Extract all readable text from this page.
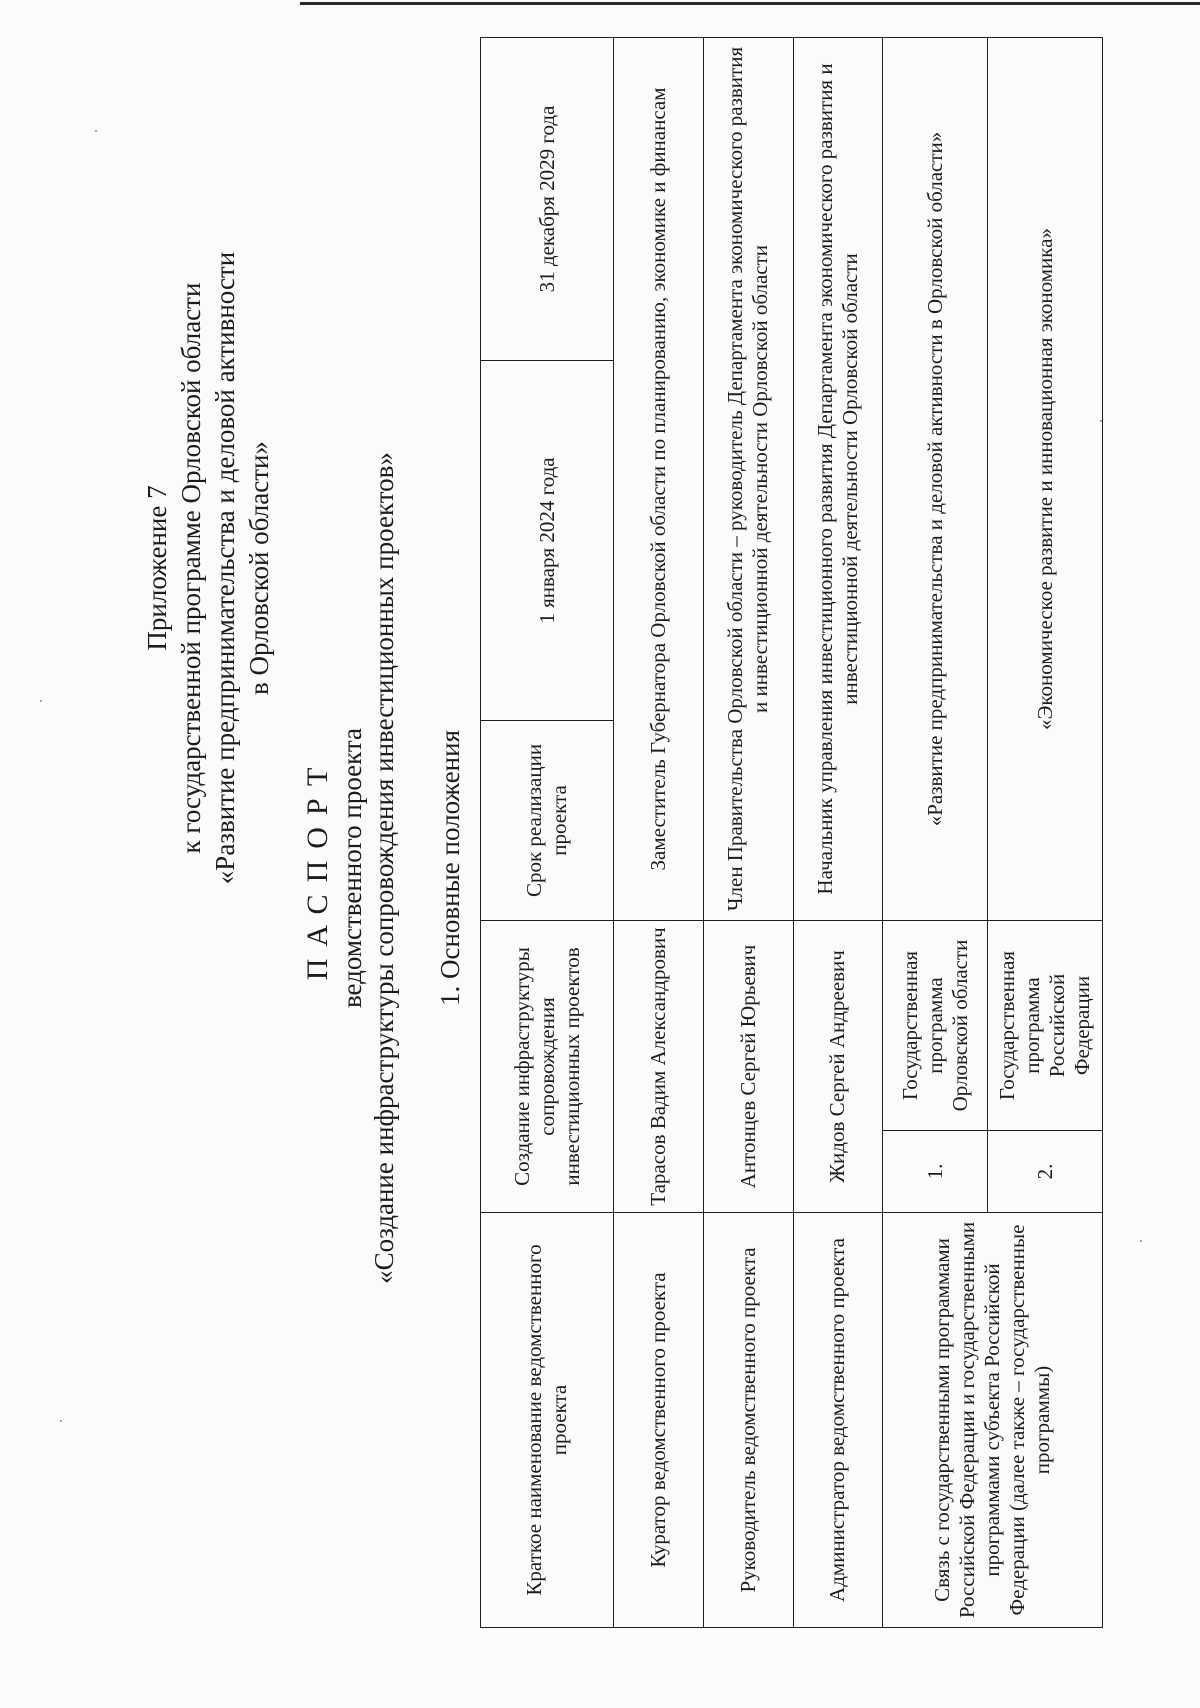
Приложение 7 к государственной программе Орловской области «Развитие предпринимательства и деловой активности в Орловской области»
ПАСПОРТ ведомственного проекта «Создание инфраструктуры сопровождения инвестиционных проектов» 1. Основные положения
Краткое наименование ведомственного проекта	Создание инфраструктуры сопровождения инвестиционных проектов		Срок реализации проекта	1 января 2024 года	31 декабря 2029 года
Куратор ведомственного проекта	Тарасов Вадим Александрович		Заместитель Губернатора Орловской области по планированию, экономике и финансам		
Руководитель ведомственного проекта	Антонцев Сергей Юрьевич		Член Правительства Орловской области – руководитель Департамента экономического развития и инвестиционной деятельности Орловской области		
Администратор ведомственного проекта	Жидов Сергей Андреевич		Начальник управления инвестиционного развития Департамента экономического развития и инвестиционной деятельности Орловской области		
Связь с государственными программами Российской Федерации и государственными программами субъекта Российской Федерации (далее также – государственные программы)	1.	Государственная программа Орловской области	«Развитие предпринимательства и деловой активности в Орловской области»		
	2.	Государственная программа Российской Федерации	«Экономическое развитие и инновационная экономика»		
